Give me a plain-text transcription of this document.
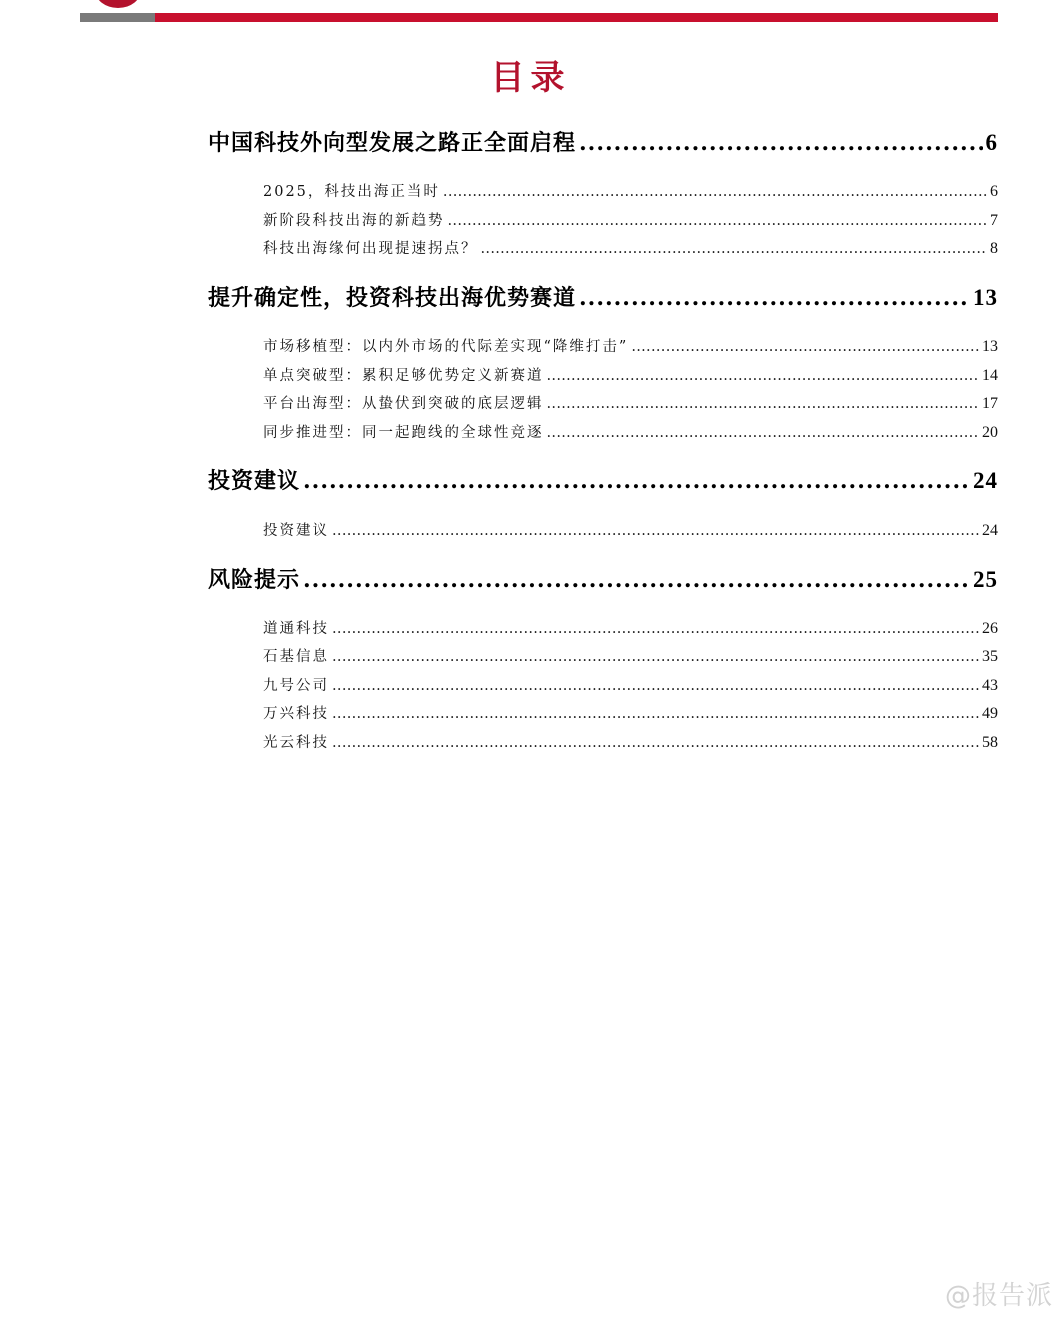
目录
中国科技外向型发展之路正全面启程 .....	6
2025，科技出海正当时 .....	6
新阶段科技出海的新趋势 .....	7
科技出海缘何出现提速拐点？ .....	8
提升确定性，投资科技出海优势赛道 .....	13
市场移植型：以内外市场的代际差实现“降维打击” .....	13
单点突破型：累积足够优势定义新赛道 .....	14
平台出海型：从蛰伏到突破的底层逻辑 .....	17
同步推进型：同一起跑线的全球性竞逐 .....	20
投资建议 .....	24
投资建议 .....	24
风险提示 .....	25
道通科技 .....	26
石基信息 .....	35
九号公司 .....	43
万兴科技 .....	49
光云科技 .....	58
@报告派
